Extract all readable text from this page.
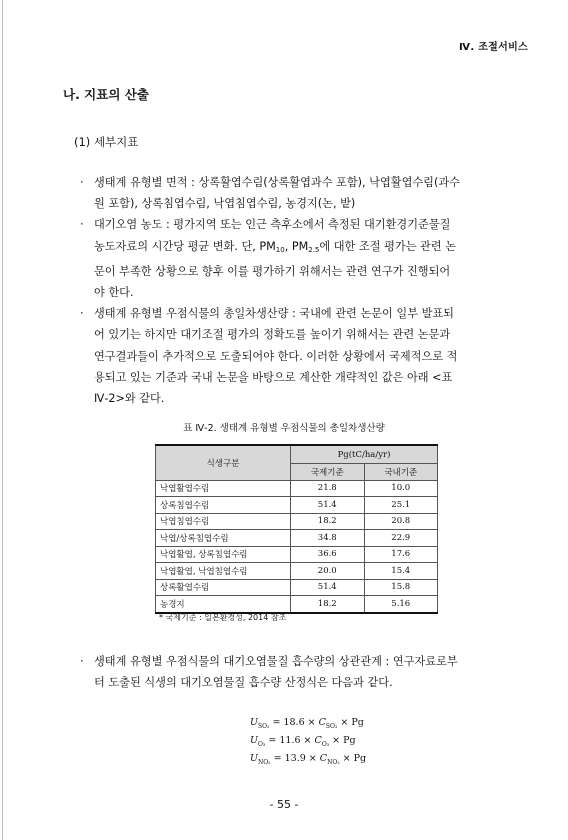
Ⅳ. 조절서비스
나. 지표의 산출
(1) 세부지표
· 생태계 유형별 면적 : 상록활엽수림(상록활엽과수 포함), 낙엽활엽수림(과수
원 포함), 상록침엽수림, 낙엽침엽수림, 농경지(논, 밭)
· 대기오염 농도 : 평가지역 또는 인근 측후소에서 측정된 대기환경기준물질
농도자료의 시간당 평균 변화. 단, $PM_{10}$, $PM_{2.5}$에 대한 조절 평가는 관련 논
문이 부족한 상황으로 향후 이를 평가하기 위해서는 관련 연구가 진행되어
야 한다.
· 생태계 유형별 우점식물의 총일차생산량 : 국내에 관련 논문이 일부 발표되
어 있기는 하지만 대기조절 평가의 정확도를 높이기 위해서는 관련 논문과
연구결과들이 추가적으로 도출되어야 한다. 이러한 상황에서 국제적으로 적
용되고 있는 기준과 국내 논문을 바탕으로 계산한 개략적인 값은 아래 <표
Ⅳ-2>와 같다.
표 Ⅳ-2. 생태계 유형별 우점식물의 총일차생산량
식생구분	Pg(tC/ha/yr)	
	국제기준	국내기준
낙엽활엽수림	21.8	10.0
상록침엽수림	51.4	25.1
낙엽침엽수림	18.2	20.8
낙엽/상록침엽수림	34.8	22.9
낙엽활엽, 상록침엽수림	36.6	17.6
낙엽활엽, 낙엽침엽수림	20.0	15.4
상록활엽수림	51.4	15.8
농경지	18.2	5.16
* 국제기준 : 일본환경성, 2014 참조
· 생태계 유형별 우점식물의 대기오염물질 흡수량의 상관관계 : 연구자료로부
터 도출된 식생의 대기오염물질 흡수량 산정식은 다음과 같다.
$U_{SO_2} = 18.6 \times C_{SO_2} \times Pg$
$U_{O_3} = 11.6 \times C_{O_3} \times Pg$
$U_{NO_2} = 13.9 \times C_{NO_2} \times Pg$
- 55 -
